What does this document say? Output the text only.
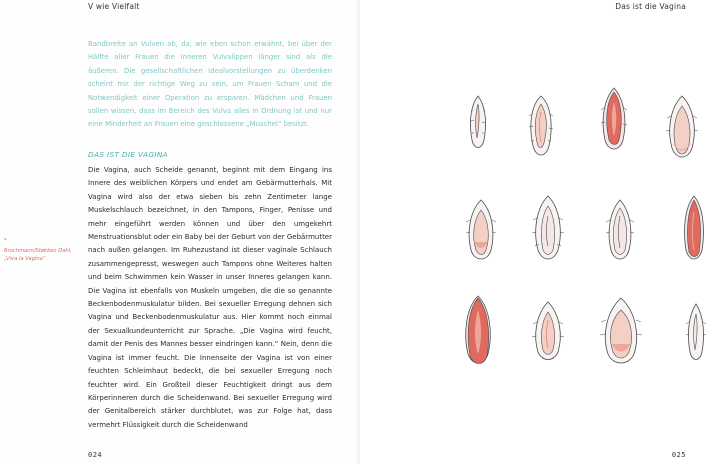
V wie Vielfalt
Bandbreite an Vulven ab, da, wie eben schon erwähnt, bei über der Hälfte aller Frauen die inneren Vulvalippen länger sind als die äußeren. Die gesellschaftlichen Idealvorstellungen zu überdenken scheint mir der richtige Weg zu sein, um Frauen Scham und die Notwendigkeit einer Operation zu ersparen. Mädchen und Frauen sollen wissen, dass im Bereich des Vulva alles in Ordnung ist und nur eine Minderheit an Frauen eine geschlossene „Muschel“ besitzt.
DAS IST DIE VAGINA
Die Vagina, auch Scheide genannt, beginnt mit dem Eingang ins Innere des weiblichen Körpers und endet am Gebärmutterhals. Mit Vagina wird also der etwa sieben bis zehn Zentimeter lange Muskelschlauch bezeichnet, in den Tampons, Finger, Penisse und mehr eingeführt werden können und über den umgekehrt Menstruationsblut oder ein Baby bei der Geburt von der Gebärmutter nach außen gelangen. Im Ruhezustand ist dieser vaginale Schlauch zusammengepresst, weswegen auch Tampons ohne Weiteres halten und beim Schwimmen kein Wasser in unser Inneres gelangen kann. Die Vagina ist ebenfalls von Muskeln umgeben, die die so genannte Beckenbodenmuskulatur bilden. Bei sexueller Erregung dehnen sich Vagina und Beckenbodenmuskulatur aus. Hier kommt noch einmal der Sexualkundeunterricht zur Sprache. „Die Vagina wird feucht, damit der Penis des Mannes besser eindringen kann.“ Nein, denn die Vagina ist immer feucht. Die Innenseite der Vagina ist von einer feuchten Schleimhaut bedeckt, die bei sexueller Erregung noch feuchter wird. Ein Großteil dieser Feuchtigkeit dringt aus dem Körperinneren durch die Scheidenwand. Bei sexueller Erregung wird der Genitalbereich stärker durchblutet, was zur Folge hat, dass vermehrt Flüssigkeit durch die Scheidenwand
*
Brochmann/Støkken Dahl, „Viva la Vagina“
024
Das ist die Vagina
025
